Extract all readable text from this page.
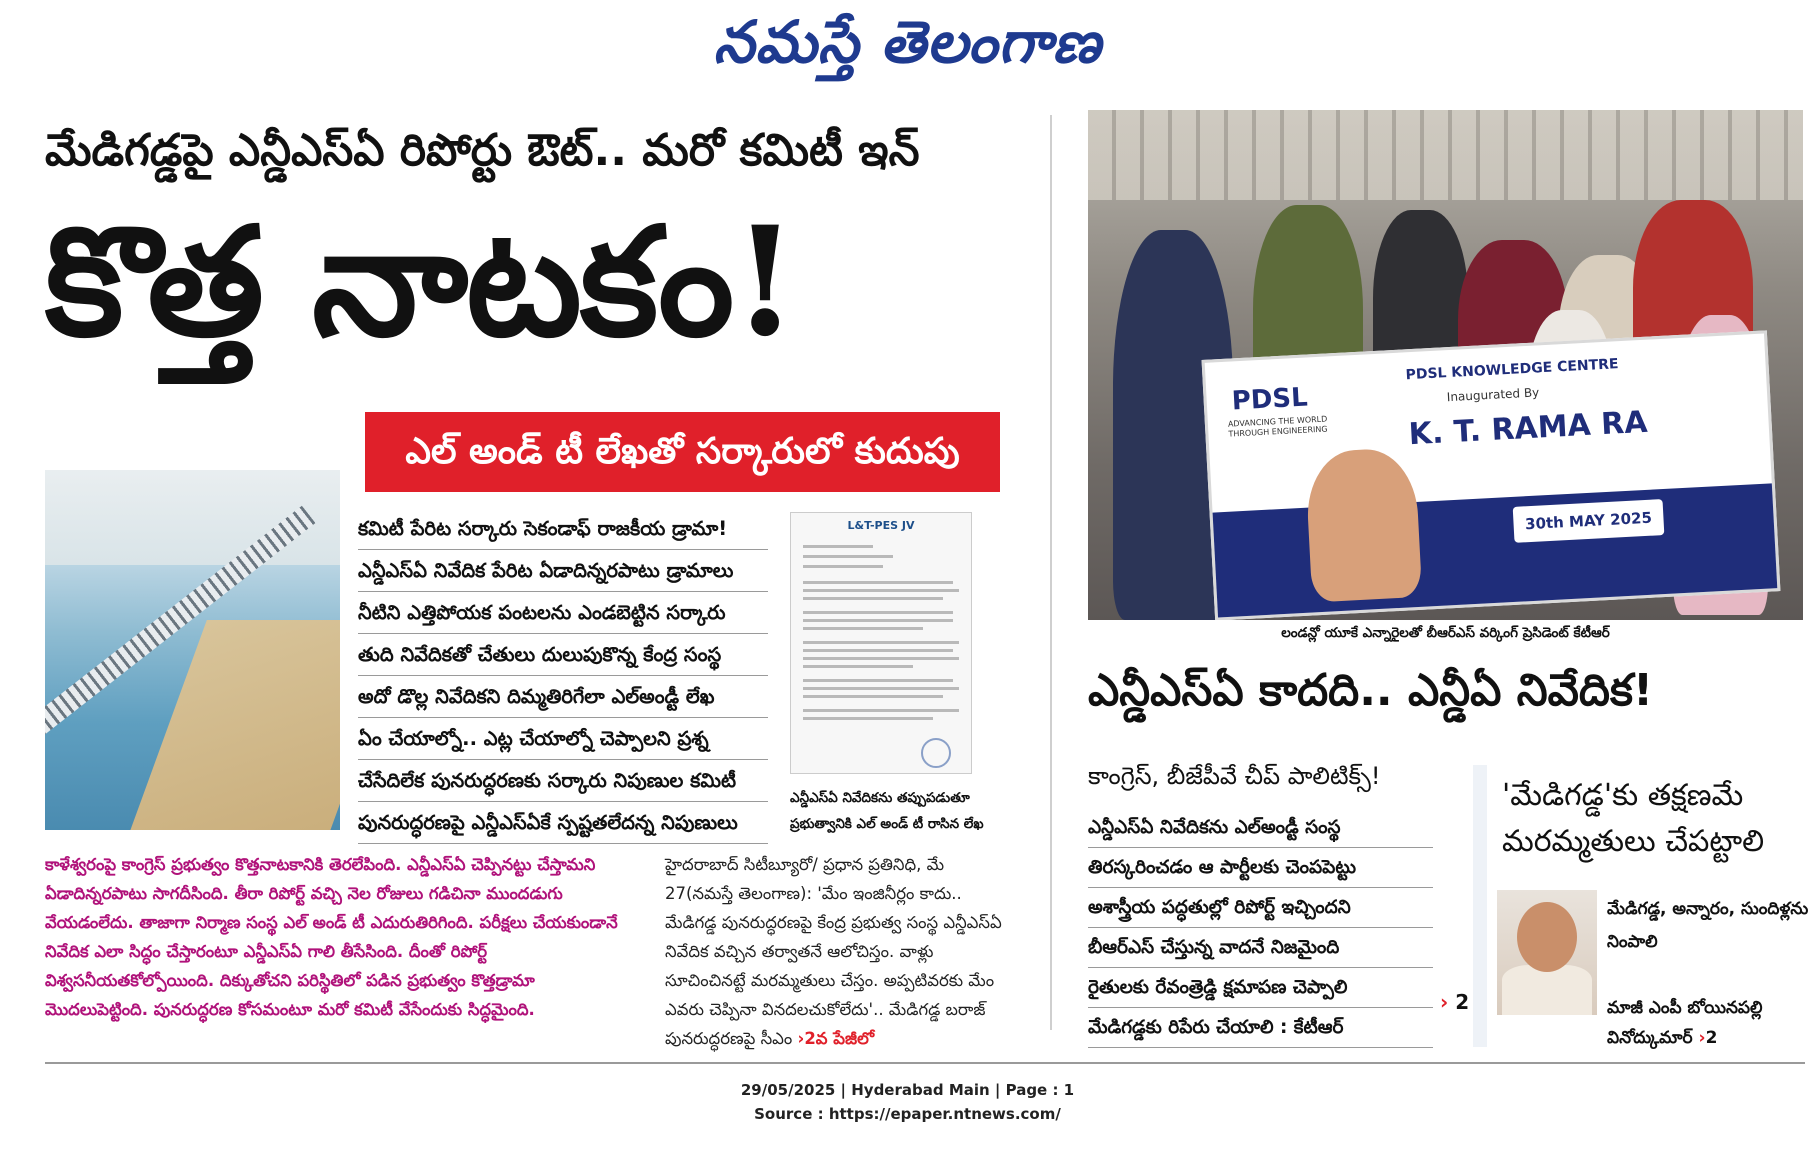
నమస్తే తెలంగాణ
మేడిగడ్డపై ఎన్డీఎస్ఏ రిపోర్టు ఔట్.. మరో కమిటీ ఇన్
కొత్త నాటకం!
ఎల్ అండ్ టీ లేఖతో సర్కారులో కుదుపు
కమిటీ పేరిట సర్కారు సెకండాఫ్ రాజకీయ డ్రామా!
ఎన్డీఎస్ఏ నివేదిక పేరిట ఏడాదిన్నరపాటు డ్రామాలు
నీటిని ఎత్తిపోయక పంటలను ఎండబెట్టిన సర్కారు
తుది నివేదికతో చేతులు దులుపుకొన్న కేంద్ర సంస్థ
అదో డొల్ల నివేదికని దిమ్మతిరిగేలా ఎల్అండ్టీ లేఖ
ఏం చేయాల్నో.. ఎట్ల చేయాల్నో చెప్పాలని ప్రశ్న
చేసేదిలేక పునరుద్ధరణకు సర్కారు నిపుణుల కమిటీ
పునరుద్ధరణపై ఎన్డీఎస్ఏకే స్పష్టతలేదన్న నిపుణులు
L&T-PES JV
ఎన్డీఎస్ఏ నివేదికను తప్పుపడుతూ ప్రభుత్వానికి ఎల్ అండ్ టీ రాసిన లేఖ
కాళేశ్వరంపై కాంగ్రెస్ ప్రభుత్వం కొత్తనాటకానికి తెరలేపింది. ఎన్డీఎస్ఏ చెప్పినట్టు చేస్తామని ఏడాదిన్నరపాటు సాగదీసింది. తీరా రిపోర్ట్ వచ్చి నెల రోజులు గడిచినా ముందడుగు వేయడంలేదు. తాజాగా నిర్మాణ సంస్థ ఎల్ అండ్ టీ ఎదురుతిరిగింది. పరీక్షలు చేయకుండానే నివేదిక ఎలా సిద్ధం చేస్తారంటూ ఎన్డీఎస్ఏ గాలి తీసేసింది. దీంతో రిపోర్ట్ విశ్వసనీయతకోల్పోయింది. దిక్కుతోచని పరిస్థితిలో పడిన ప్రభుత్వం కొత్తడ్రామా మొదలుపెట్టింది. పునరుద్ధరణ కోసమంటూ మరో కమిటీ వేసేందుకు సిద్ధమైంది.
హైదరాబాద్ సిటీబ్యూరో/ ప్రధాన ప్రతినిధి, మే 27(నమస్తే తెలంగాణ): 'మేం ఇంజినీర్లం కాదు.. మేడిగడ్డ పునరుద్ధరణపై కేంద్ర ప్రభుత్వ సంస్థ ఎన్డీఎస్ఏ నివేదిక వచ్చిన తర్వాతనే ఆలోచిస్తం. వాళ్లు సూచించినట్టే మరమ్మతులు చేస్తం. అప్పటివరకు మేం ఎవరు చెప్పినా వినదలచుకోలేదు'.. మేడిగడ్డ బరాజ్ పునరుద్ధరణపై సీఎం ›2వ పేజీలో
PDSL
ADVANCING THE WORLD THROUGH ENGINEERING
PDSL KNOWLEDGE CENTRE
Inaugurated By
K. T. RAMA RA
30th MAY 2025
లండన్లో యూకే ఎన్నారైలతో బీఆర్ఎస్ వర్కింగ్ ప్రెసిడెంట్ కేటీఆర్
ఎన్డీఎస్ఏ కాదది.. ఎన్డీఏ నివేదిక!
కాంగ్రెస్, బీజేపీవే చీప్ పాలిటిక్స్!
ఎన్డీఎస్ఏ నివేదికను ఎల్అండ్టీ సంస్థ
తిరస్కరించడం ఆ పార్టీలకు చెంపపెట్టు
అశాస్త్రీయ పద్ధతుల్లో రిపోర్ట్ ఇచ్చిందని
బీఆర్ఎస్ చేస్తున్న వాదనే నిజమైంది
రైతులకు రేవంత్రెడ్డి క్షమాపణ చెప్పాలి
మేడిగడ్డకు రిపేరు చేయాలి : కేటీఆర్
› 2
'మేడిగడ్డ'కు తక్షణమే మరమ్మతులు చేపట్టాలి
మేడిగడ్డ, అన్నారం, సుందిళ్లను నింపాలి
మాజీ ఎంపీ బోయినపల్లి వినోద్కుమార్ ›2
29/05/2025 | Hyderabad Main | Page : 1
Source : https://epaper.ntnews.com/
